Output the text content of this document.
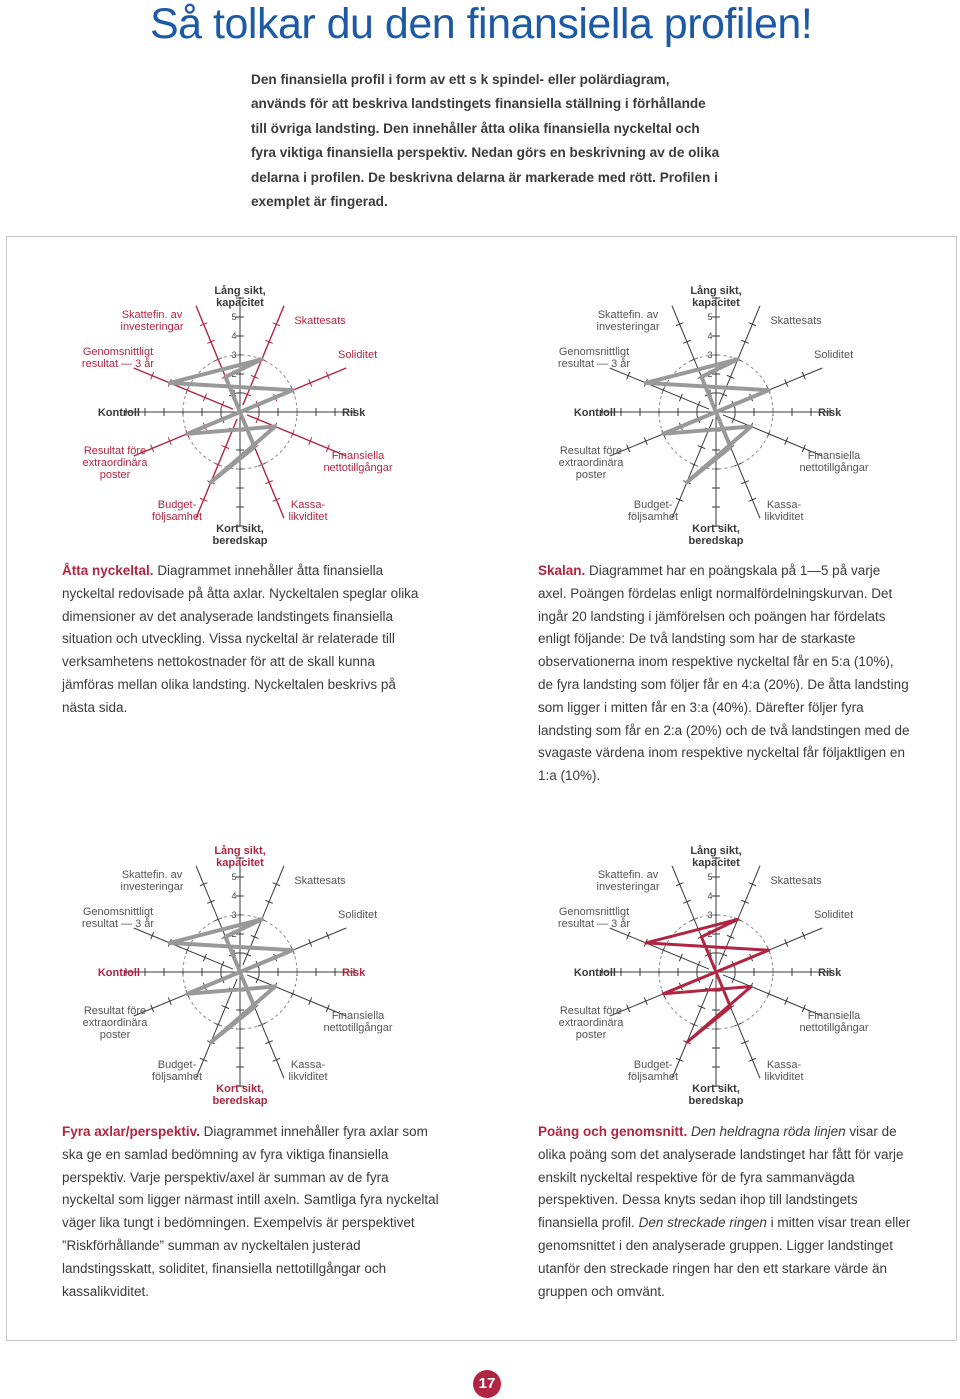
Så tolkar du den finansiella profilen!

Den finansiella profil i form av ett s k spindel- eller polärdiagram, används för att beskriva landstingets finansiella ställning i förhållande till övriga landsting. Den innehåller åtta olika finansiella nyckeltal och fyra viktiga finansiella perspektiv. Nedan görs en beskrivning av de olika delarna i profilen. De beskrivna delarna är markerade med rött. Profilen i exemplet är fingerad.

1
2
3
4
5
Lång sikt,
kapacitet
Kort sikt,
beredskap
Kontroll	Risk
Skattefin. av
investeringar	Skattesats
Genomsnittligt
resultat — 3 år
Soliditet
Resultat före
extraordinära
poster
Finansiella
nettotillgångar
Budget-
följsamhet
Kassa-
likviditet
1
2
3
4
5
Lång sikt,
kapacitet
Kort sikt,
beredskap
Kontroll	Risk
Skattefin. av
investeringar	Skattesats
Genomsnittligt
resultat — 3 år
Soliditet
Resultat före
extraordinära
poster
Finansiella
nettotillgångar
Budget-
följsamhet
Kassa-
likviditet
1
2
3
4
5
Lång sikt,
kapacitet
Kort sikt,
beredskap
Kontroll	Risk
Skattefin. av
investeringar	Skattesats
Genomsnittligt
resultat — 3 år
Soliditet
Resultat före
extraordinära
poster
Finansiella
nettotillgångar
Budget-
följsamhet
Kassa-
likviditet
1
2
3
4
5
Lång sikt,
kapacitet
Kort sikt,
beredskap
Kontroll	Risk
Skattefin. av
investeringar	Skattesats
Genomsnittligt
resultat — 3 år
Soliditet
Resultat före
extraordinära
poster
Finansiella
nettotillgångar
Budget-
följsamhet
Kassa-
likviditet

Åtta nyckeltal. Diagrammet innehåller åtta finansiella nyckeltal redovisade på åtta axlar. Nyckeltalen speglar olika dimensioner av det analyserade landstingets finansiella situation och utveckling. Vissa nyckeltal är relaterade till verksamhetens nettokostnader för att de skall kunna jämföras mellan olika landsting. Nyckeltalen beskrivs på nästa sida.

Skalan. Diagrammet har en poängskala på 1—5 på varje axel. Poängen fördelas enligt normalfördelningskurvan. Det ingår 20 landsting i jämförelsen och poängen har fördelats enligt följande: De två landsting som har de starkaste observationerna inom respektive nyckeltal får en 5:a (10%), de fyra landsting som följer får en 4:a (20%). De åtta landsting som ligger i mitten får en 3:a (40%). Därefter följer fyra landsting som får en 2:a (20%) och de två landstingen med de svagaste värdena inom respektive nyckeltal får följaktligen en 1:a (10%).

Fyra axlar/perspektiv. Diagrammet innehåller fyra axlar som ska ge en samlad bedömning av fyra viktiga finansiella perspektiv. Varje perspektiv/axel är summan av de fyra nyckeltal som ligger närmast intill axeln. Samtliga fyra nyckeltal väger lika tungt i bedömningen. Exempelvis är perspektivet ”Riskförhållande” summan av nyckeltalen justerad landstingsskatt, soliditet, finansiella nettotillgångar och kassalikviditet.

Poäng och genomsnitt. Den heldragna röda linjen visar de olika poäng som det analyserade landstinget har fått för varje enskilt nyckeltal respektive för de fyra sammanvägda perspektiven. Dessa knyts sedan ihop till landstingets finansiella profil. Den streckade ringen i mitten visar trean eller genomsnittet i den analyserade gruppen. Ligger landstinget utanför den streckade ringen har den ett starkare värde än gruppen och omvänt.

17
